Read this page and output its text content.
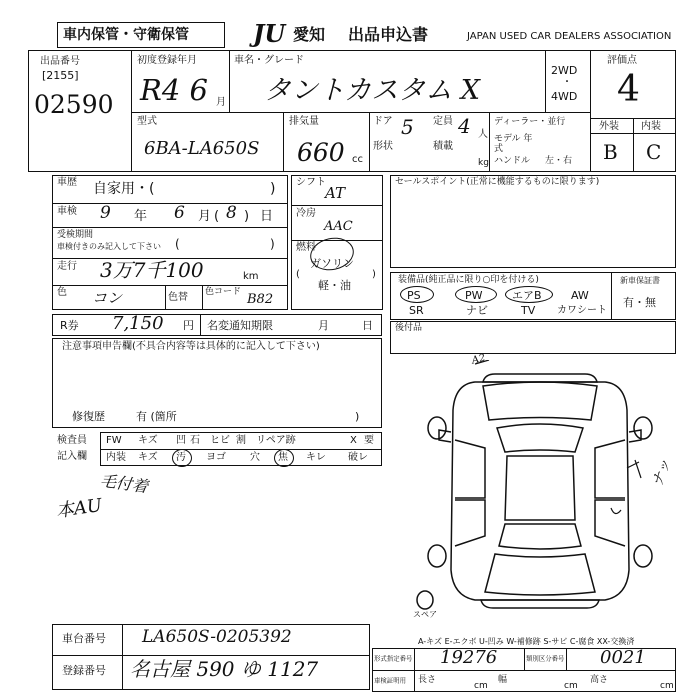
車内保管・守衛保管	JU 愛知 出品申込書	JAPAN USED CAR DEALERS ASSOCIATION
出品番号
[2155]
02590
初度登録年月
R4 6 月
車名・グレード
タントカスタム X
2WD
・
4WD
評価点
4
外装 内装
B C
型式
6BA-LA650S
排気量
660 cc
ドア 5 定員 4 人
形状	積載
kg
ディーラー・並行
モデル 年式
ハンドル 左・右
車歴 自家用・(	)
車検 9 年 6 月 ( 8 ) 日
受検期間
車検付きのみ記入して下さい (	)
走行 3万7千100	km
色 コン	色替 色コード B82
シフト
AT
冷房
AAC
燃料
(
ガソリン
軽・油
)
セールスポイント(正常に機能するものに限ります)
装備品(純正品に限り○印を付ける)
PS	PW	エアB	AW
SR	ナビ	TV カワシート
新車保証書
有・無
後付品
R券 7,150 円 名変通知期限	月	日
注意事項申告欄(不具合内容等は具体的に記入して下さい)
修復歴	有 (箇所	)
検査員
記入欄
FW キズ 凹 石 ヒビ 割 リペア跡	X 要
内装 キズ 汚 ヨゴ 穴 焦 キレ 破レ
毛付着
本AU
A2
ナッ
スペア
A-キズ E-エクボ U-凹み W-補修跡 S-サビ C-腐食 XX-交換済
車台番号 LA650S-0205392
登録番号 名古屋 590 ゆ 1127	形式指定番号 19276	類別区分番号 0021
車検証明用 長さ
cm
幅
cm
高さ
cm
